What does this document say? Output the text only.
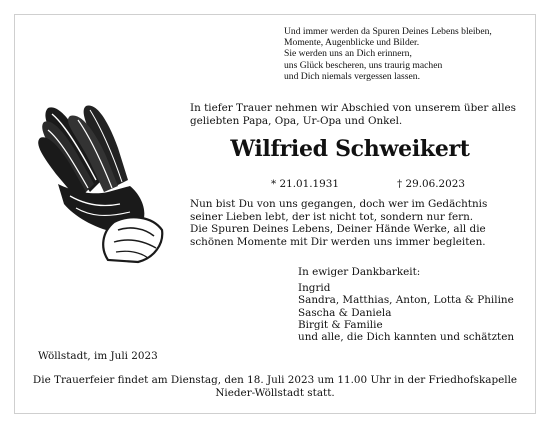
Und immer werden da Spuren Deines Lebens bleiben,
Momente, Augenblicke und Bilder.
Sie werden uns an Dich erinnern,
uns Glück bescheren, uns traurig machen
und Dich niemals vergessen lassen.
In tiefer Trauer nehmen wir Abschied von unserem über alles
geliebten Papa, Opa, Ur-Opa und Onkel.
Wilfried Schweikert
* 21.01.1931	† 29.06.2023
Nun bist Du von uns gegangen, doch wer im Gedächtnis
seiner Lieben lebt, der ist nicht tot, sondern nur fern.
Die Spuren Deines Lebens, Deiner Hände Werke, all die
schönen Momente mit Dir werden uns immer begleiten.
In ewiger Dankbarkeit:
Ingrid
Sandra, Matthias, Anton, Lotta & Philine
Sascha & Daniela
Birgit & Familie
und alle, die Dich kannten und schätzten
Wöllstadt, im Juli 2023
Die Trauerfeier findet am Dienstag, den 18. Juli 2023 um 11.00 Uhr in der Friedhofskapelle
Nieder-Wöllstadt statt.
